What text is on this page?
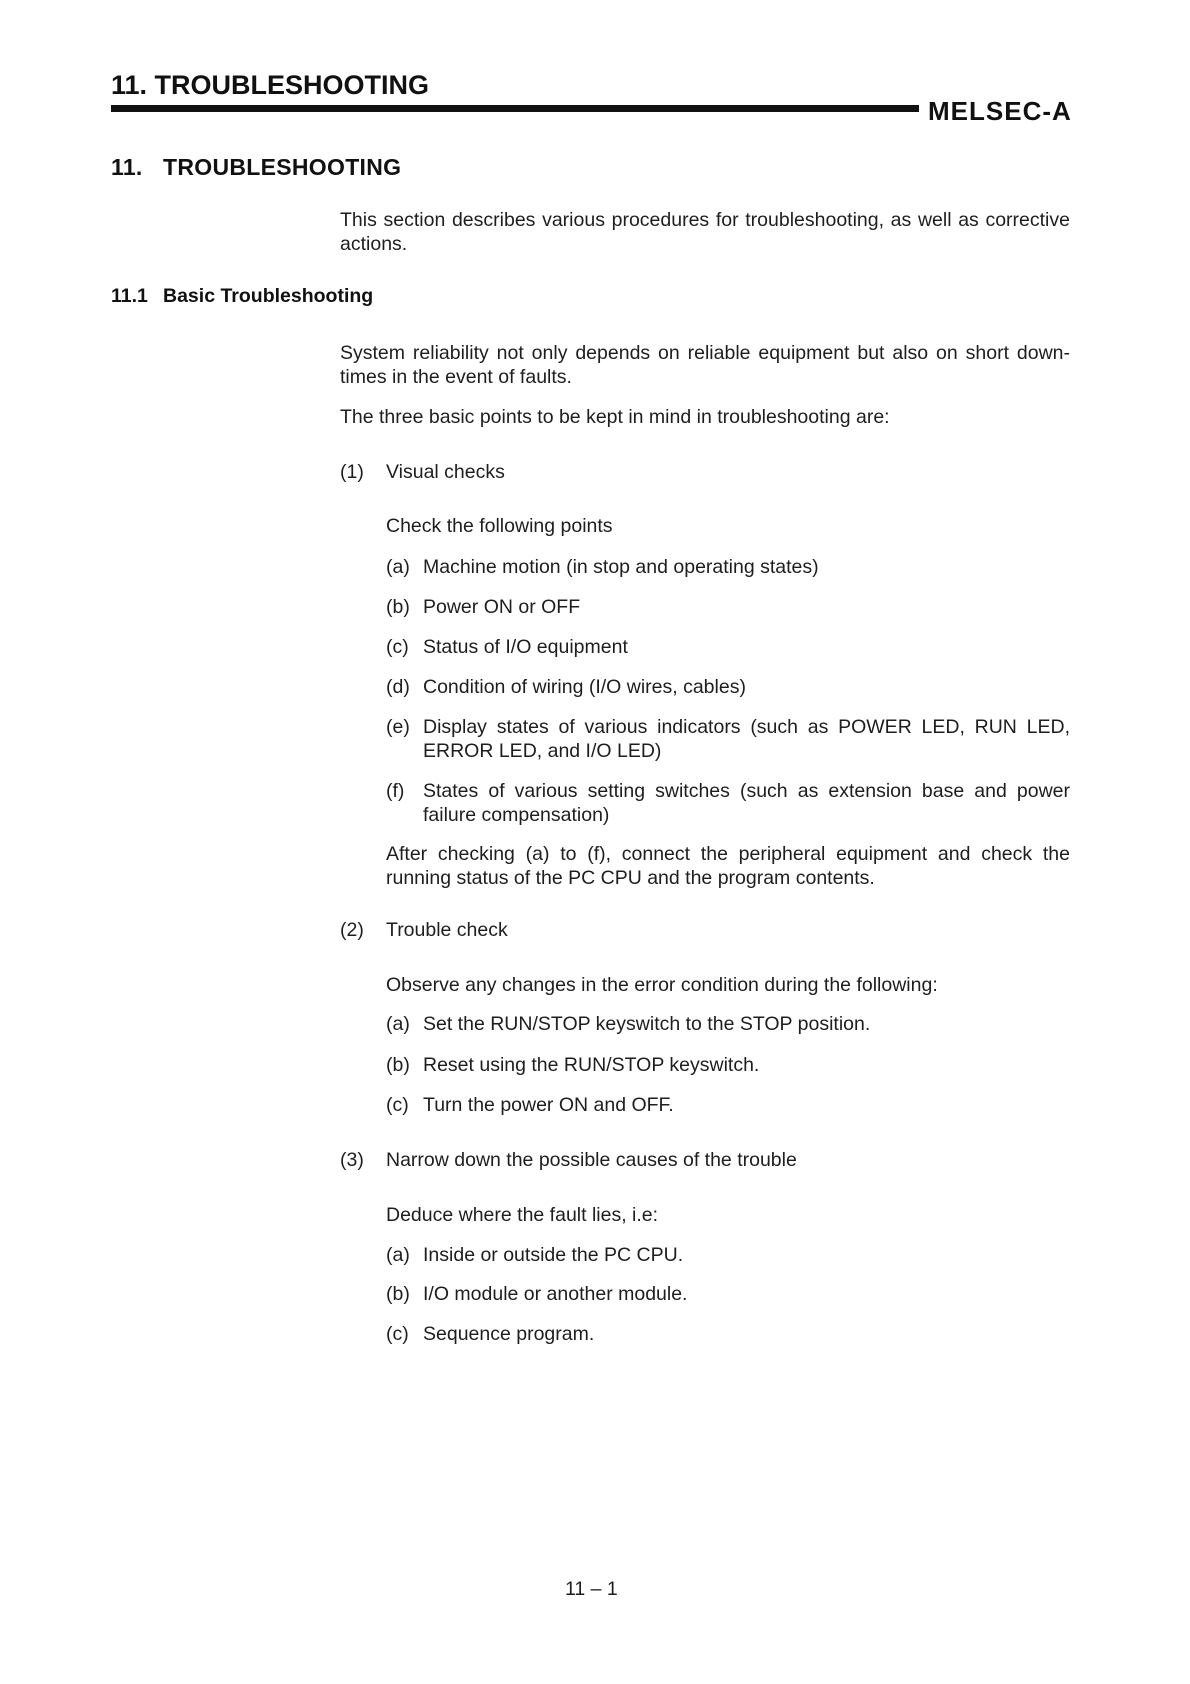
11. TROUBLESHOOTING
MELSEC-A
11. TROUBLESHOOTING
This section describes various procedures for troubleshooting, as well as corrective actions.
11.1 Basic Troubleshooting
System reliability not only depends on reliable equipment but also on short down-times in the event of faults.
The three basic points to be kept in mind in troubleshooting are:
(1) Visual checks
Check the following points
(a) Machine motion (in stop and operating states)
(b) Power ON or OFF
(c) Status of I/O equipment
(d) Condition of wiring (I/O wires, cables)
(e) Display states of various indicators (such as POWER LED, RUN LED, ERROR LED, and I/O LED)
(f) States of various setting switches (such as extension base and power failure compensation)
After checking (a) to (f), connect the peripheral equipment and check the running status of the PC CPU and the program contents.
(2) Trouble check
Observe any changes in the error condition during the following:
(a) Set the RUN/STOP keyswitch to the STOP position.
(b) Reset using the RUN/STOP keyswitch.
(c) Turn the power ON and OFF.
(3) Narrow down the possible causes of the trouble
Deduce where the fault lies, i.e:
(a) Inside or outside the PC CPU.
(b) I/O module or another module.
(c) Sequence program.
11 – 1
